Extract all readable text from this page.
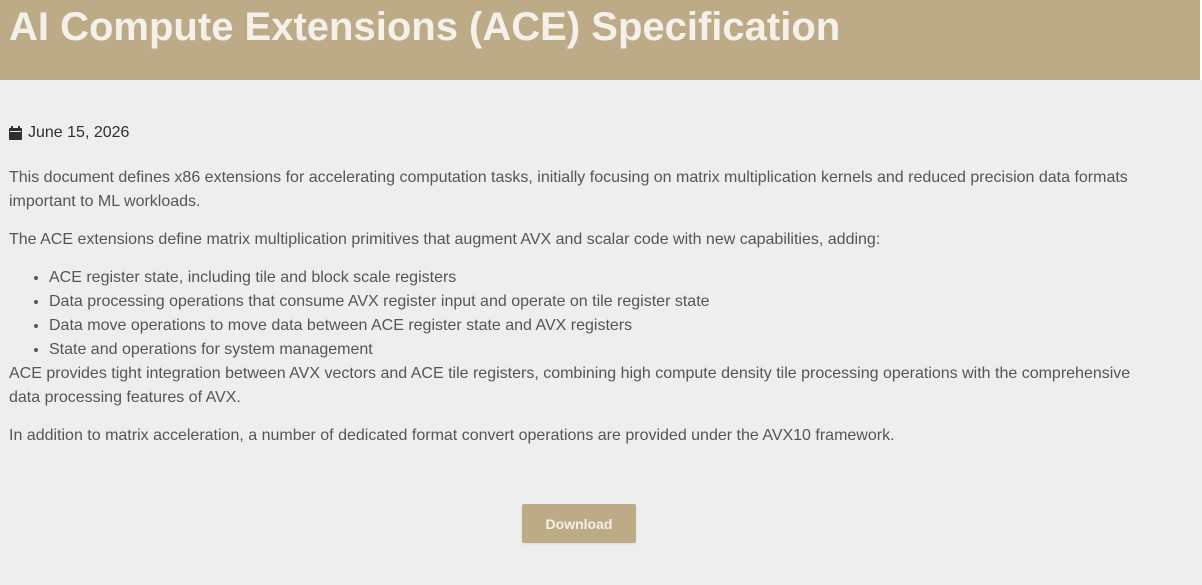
AI Compute Extensions (ACE) Specification
June 15, 2026

This document defines x86 extensions for accelerating computation tasks, initially focusing on matrix multiplication kernels and reduced precision data formats important to ML workloads.

The ACE extensions define matrix multiplication primitives that augment AVX and scalar code with new capabilities, adding:

• ACE register state, including tile and block scale registers
• Data processing operations that consume AVX register input and operate on tile register state
• Data move operations to move data between ACE register state and AVX registers
• State and operations for system management

ACE provides tight integration between AVX vectors and ACE tile registers, combining high compute density tile processing operations with the comprehensive data processing features of AVX.

In addition to matrix acceleration, a number of dedicated format convert operations are provided under the AVX10 framework.

Download
